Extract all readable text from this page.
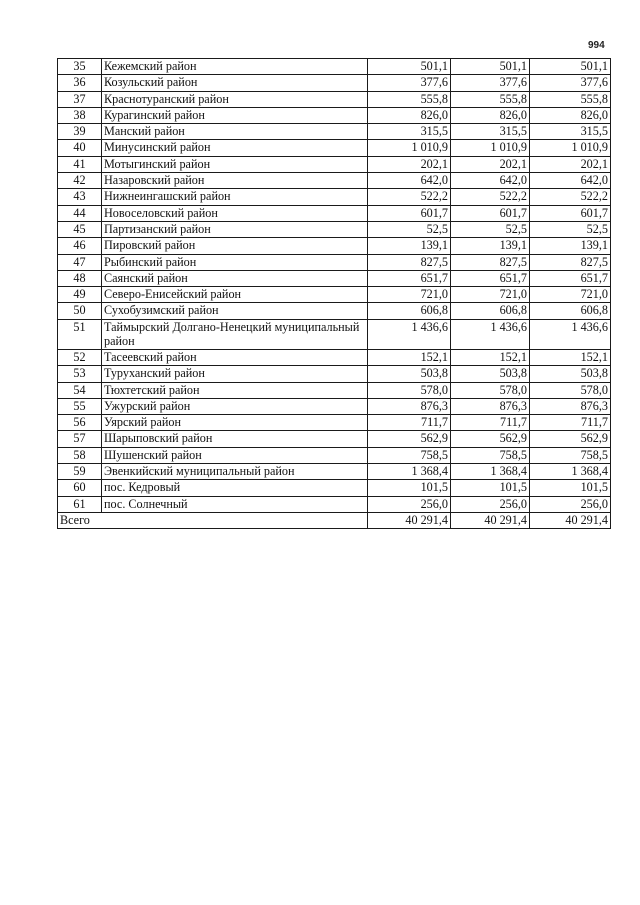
994
35	Кежемский район	501,1	501,1	501,1
36	Козульский район	377,6	377,6	377,6
37	Краснотуранский район	555,8	555,8	555,8
38	Курагинский район	826,0	826,0	826,0
39	Манский район	315,5	315,5	315,5
40	Минусинский район	1 010,9	1 010,9	1 010,9
41	Мотыгинский район	202,1	202,1	202,1
42	Назаровский район	642,0	642,0	642,0
43	Нижнеингашский район	522,2	522,2	522,2
44	Новоселовский район	601,7	601,7	601,7
45	Партизанский район	52,5	52,5	52,5
46	Пировский район	139,1	139,1	139,1
47	Рыбинский район	827,5	827,5	827,5
48	Саянский район	651,7	651,7	651,7
49	Северо-Енисейский район	721,0	721,0	721,0
50	Сухобузимский район	606,8	606,8	606,8
51	Таймырский Долгано-Ненецкий муниципальный район	1 436,6	1 436,6	1 436,6
52	Тасеевский район	152,1	152,1	152,1
53	Туруханский район	503,8	503,8	503,8
54	Тюхтетский район	578,0	578,0	578,0
55	Ужурский район	876,3	876,3	876,3
56	Уярский район	711,7	711,7	711,7
57	Шарыповский район	562,9	562,9	562,9
58	Шушенский район	758,5	758,5	758,5
59	Эвенкийский муниципальный район	1 368,4	1 368,4	1 368,4
60	пос. Кедровый	101,5	101,5	101,5
61	пос. Солнечный	256,0	256,0	256,0
Всего		40 291,4	40 291,4	40 291,4
